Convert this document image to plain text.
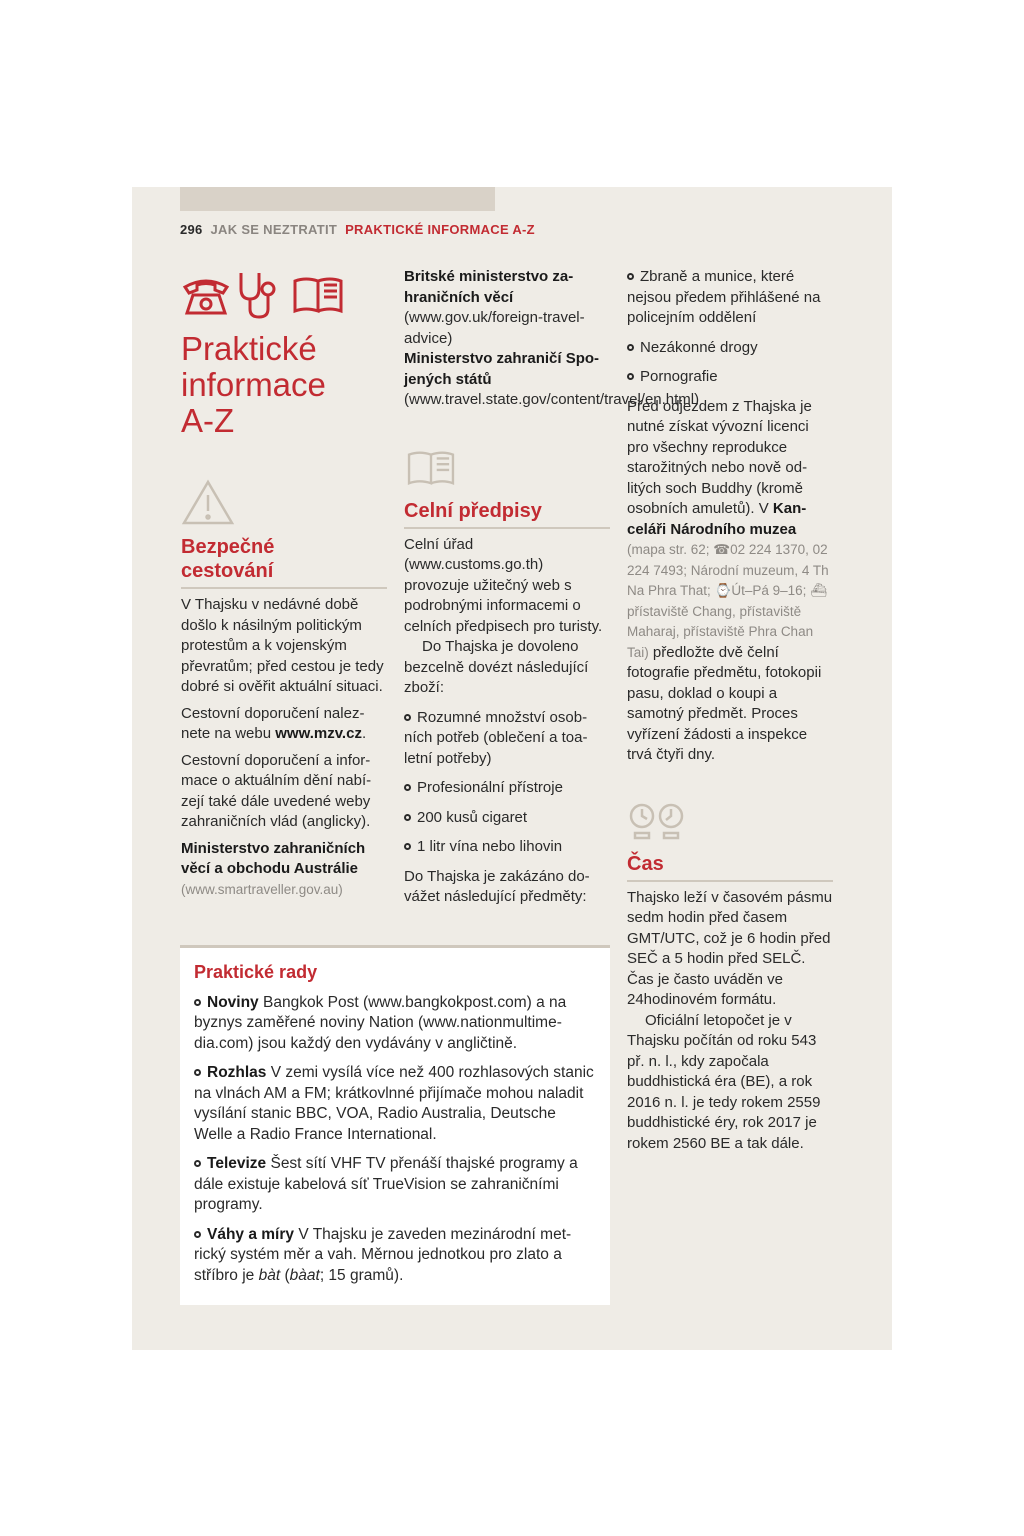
296 JAK SE NEZTRATIT PRAKTICKÉ INFORMACE A-Z
Praktické
informace
A-Z
Bezpečné
cestování

V Thajsku v nedávné době došlo k násilným politickým protestům a k vojenským převratům; před cestou je tedy dobré si ověřit aktuální situaci.

Cestovní doporučení naleznete na webu www.mzv.cz.

Cestovní doporučení a informace o aktuálním dění nabízejí také dále uvedené weby zahraničních vlád (anglicky).

Ministerstvo zahraničních věcí a obchodu Austrálie (www.smartraveller.gov.au)

Britské ministerstvo zahraničních věcí (www.gov.uk/foreign-travel-advice)

Ministerstvo zahraničí Spojených států (www.travel.state.gov/content/travel/en.html)

Celní předpisy

Celní úřad (www.customs.go.th) provozuje užitečný web s podrobnými informacemi o celních předpisech pro turisty.

Do Thajska je dovoleno bezcelně dovézt následující zboží:

Rozumné množství osobních potřeb (oblečení a toaletní potřeby)
Profesionální přístroje
200 kusů cigaret
1 litr vína nebo lihovin

Do Thajska je zakázáno dovážet následující předměty:

Zbraně a munice, které nejsou předem přihlášené na policejním oddělení
Nezákonné drogy
Pornografie

Před odjezdem z Thajska je nutné získat vývozní licenci pro všechny reprodukce starožitných nebo nově odlitých soch Buddhy (kromě osobních amuletů). V Kanceláři Národního muzea (mapa str. 62; ☎02 224 1370, 02 224 7493; Národní muzeum, 4 Th Na Phra That; ⌚Út–Pá 9–16; ⛴přístaviště Chang, přístaviště Maharaj, přístaviště Phra Chan Tai) předložte dvě čelní fotografie předmětu, fotokopii pasu, doklad o koupi a samotný předmět. Proces vyřízení žádosti a inspekce trvá čtyři dny.

Čas

Thajsko leží v časovém pásmu sedm hodin před časem GMT/UTC, což je 6 hodin před SEČ a 5 hodin před SELČ. Čas je často uváděn ve 24hodinovém formátu.

Oficiální letopočet je v Thajsku počítán od roku 543 př. n. l., kdy započala buddhistická éra (BE), a rok 2016 n. l. je tedy rokem 2559 buddhistické éry, rok 2017 je rokem 2560 BE a tak dále.

Praktické rady
Noviny Bangkok Post (www.bangkokpost.com) a na byznys zaměřené noviny Nation (www.nationmultimedia.com) jsou každý den vydávány v angličtině.
Rozhlas V zemi vysílá více než 400 rozhlasových stanic na vlnách AM a FM; krátkovlnné přijímače mohou naladit vysílání stanic BBC, VOA, Radio Australia, Deutsche Welle a Radio France International.
Televize Šest sítí VHF TV přenáší thajské programy a dále existuje kabelová síť TrueVision se zahraničními programy.
Váhy a míry V Thajsku je zaveden mezinárodní metrický systém měr a vah. Měrnou jednotkou pro zlato a stříbro je bàt (bàat; 15 gramů).
